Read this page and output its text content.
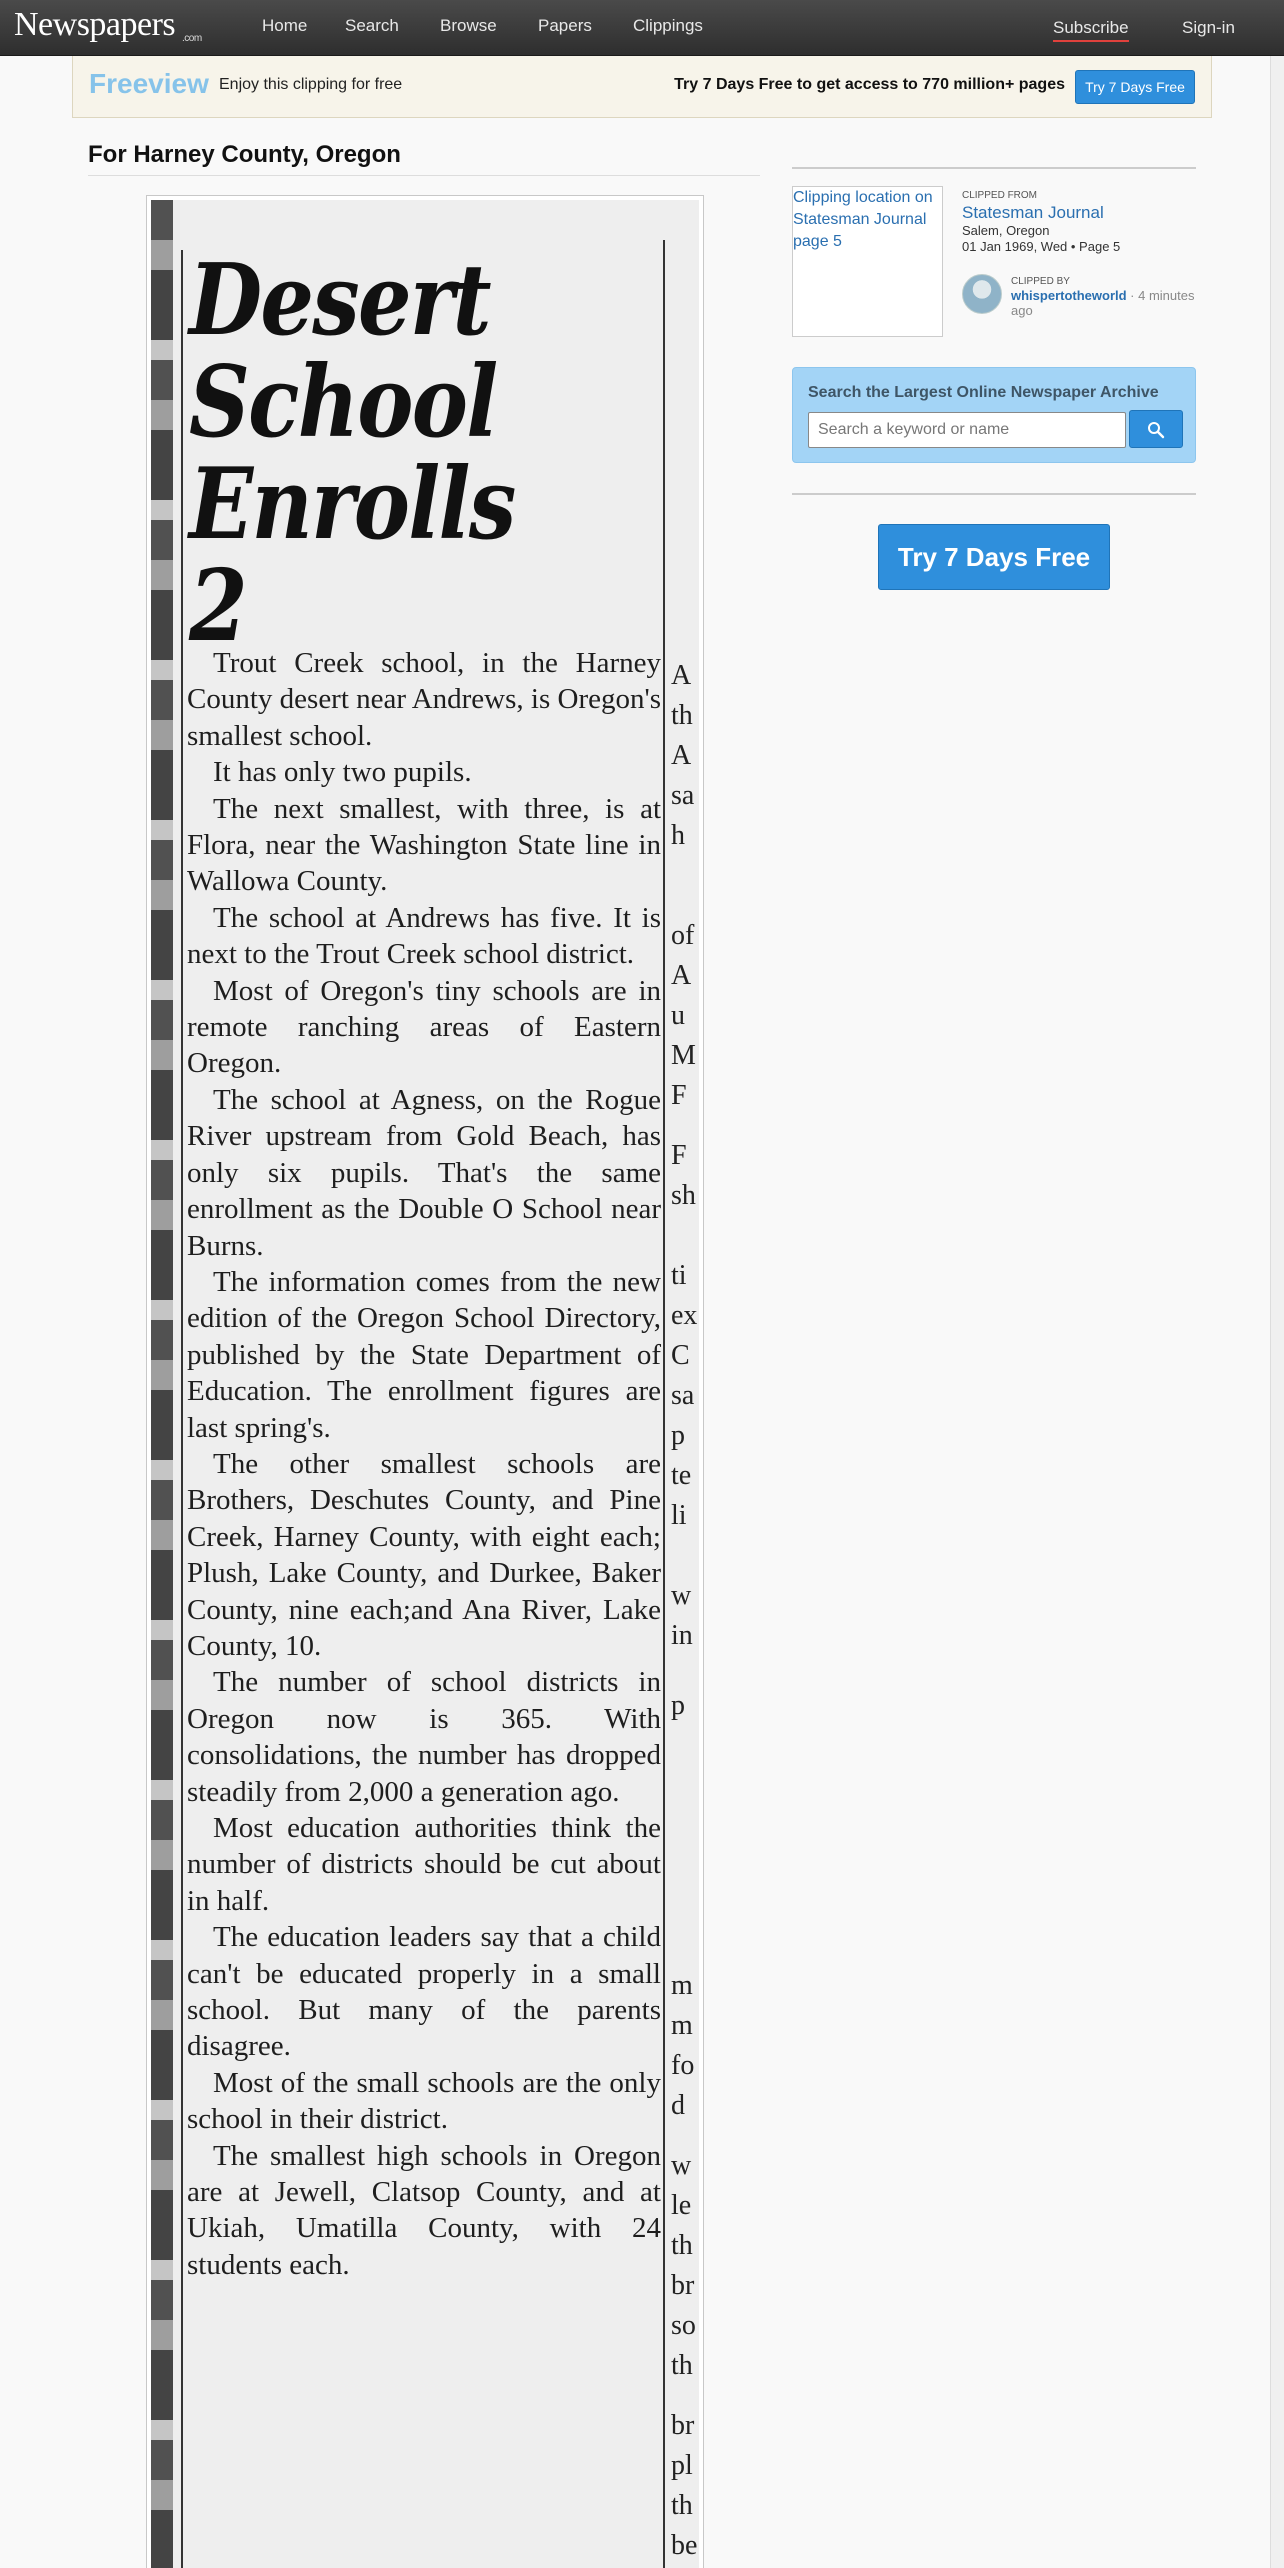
Newspapers .com
Home Search Browse Papers Clippings	Subscribe	Sign-in
Freeview Enjoy this clipping for free	Try 7 Days Free to get access to 770 million+ pages	Try 7 Days Free
For Harney County, Oregon
A
th
A
sa
h
of
A
u
M
F
F
sh
ti
ex
C
sa
p
te
li
w
in
p
m
m
fo
d
w
le
th
br
so
th
br
pl
th
be
Desert School Enrolls 2

Trout Creek school, in the Harney County desert near Andrews, is Oregon's smallest school.

It has only two pupils.

The next smallest, with three, is at Flora, near the Washington State line in Wallowa County.

The school at Andrews has five. It is next to the Trout Creek school district.

Most of Oregon's tiny schools are in remote ranching areas of Eastern Oregon.

The school at Agness, on the Rogue River upstream from Gold Beach, has only six pupils. That's the same enrollment as the Double O School near Burns.

The information comes from the new edition of the Oregon School Directory, published by the State Department of Education. The enrollment figures are last spring's.

The other smallest schools are Brothers, Deschutes County, and Pine Creek, Harney County, with eight each; Plush, Lake County, and Durkee, Baker County, nine each;and Ana River, Lake County, 10.

The number of school districts in Oregon now is 365. With consolidations, the number has dropped steadily from 2,000 a generation ago.

Most education authorities think the number of districts should be cut about in half.

The education leaders say that a child can't be educated properly in a small school. But many of the parents disagree.

Most of the small schools are the only school in their district.

The smallest high schools in Oregon are at Jewell, Clatsop County, and at Ukiah, Umatilla County, with 24 students each.

Clipping location on Statesman Journal page 5
CLIPPED FROM
Statesman Journal
Salem, Oregon
01 Jan 1969, Wed • Page 5
CLIPPED BY
whispertotheworld · 4 minutes ago
Search the Largest Online Newspaper Archive
Search a keyword or name
Try 7 Days Free
